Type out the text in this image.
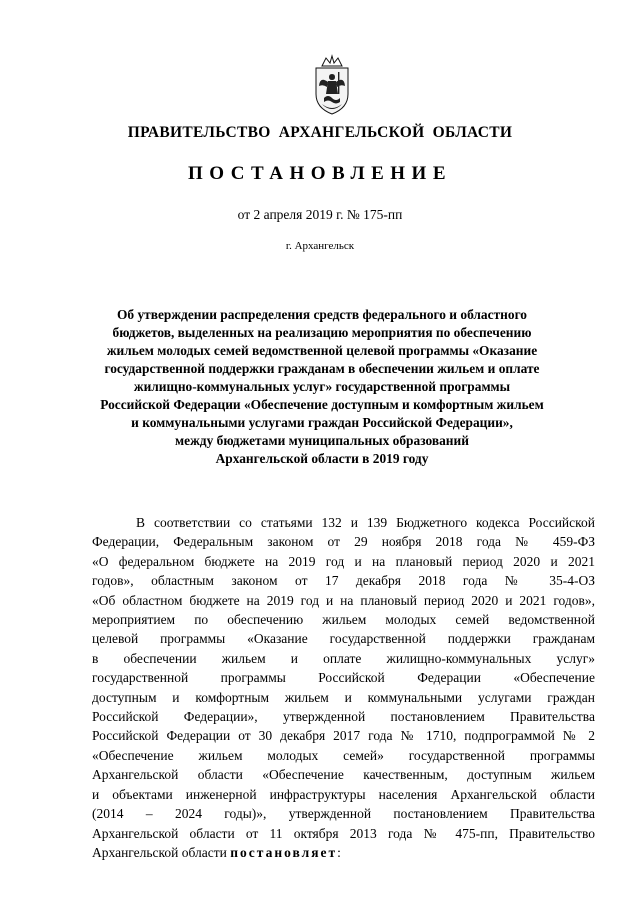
ПРАВИТЕЛЬСТВО АРХАНГЕЛЬСКОЙ ОБЛАСТИ
ПОСТАНОВЛЕНИЕ
от 2 апреля 2019 г. № 175-пп
г. Архангельск
Об утверждении распределения средств федерального и областного
бюджетов, выделенных на реализацию мероприятия по обеспечению
жильем молодых семей ведомственной целевой программы «Оказание
государственной поддержки гражданам в обеспечении жильем и оплате
жилищно-коммунальных услуг» государственной программы
Российской Федерации «Обеспечение доступным и комфортным жильем
и коммунальными услугами граждан Российской Федерации»,
между бюджетами муниципальных образований
Архангельской области в 2019 году
В соответствии со статьями 132 и 139 Бюджетного кодекса Российской
Федерации, Федеральным законом от 29 ноября 2018 года № 459-ФЗ
«О федеральном бюджете на 2019 год и на плановый период 2020 и 2021
годов», областным законом от 17 декабря 2018 года № 35-4-ОЗ
«Об областном бюджете на 2019 год и на плановый период 2020 и 2021 годов»,
мероприятием по обеспечению жильем молодых семей ведомственной
целевой программы «Оказание государственной поддержки гражданам
в обеспечении жильем и оплате жилищно-коммунальных услуг»
государственной программы Российской Федерации «Обеспечение
доступным и комфортным жильем и коммунальными услугами граждан
Российской Федерации», утвержденной постановлением Правительства
Российской Федерации от 30 декабря 2017 года № 1710, подпрограммой № 2
«Обеспечение жильем молодых семей» государственной программы
Архангельской области «Обеспечение качественным, доступным жильем
и объектами инженерной инфраструктуры населения Архангельской области
(2014 – 2024 годы)», утвержденной постановлением Правительства
Архангельской области от 11 октября 2013 года № 475-пп, Правительство
Архангельской области постановляет:
